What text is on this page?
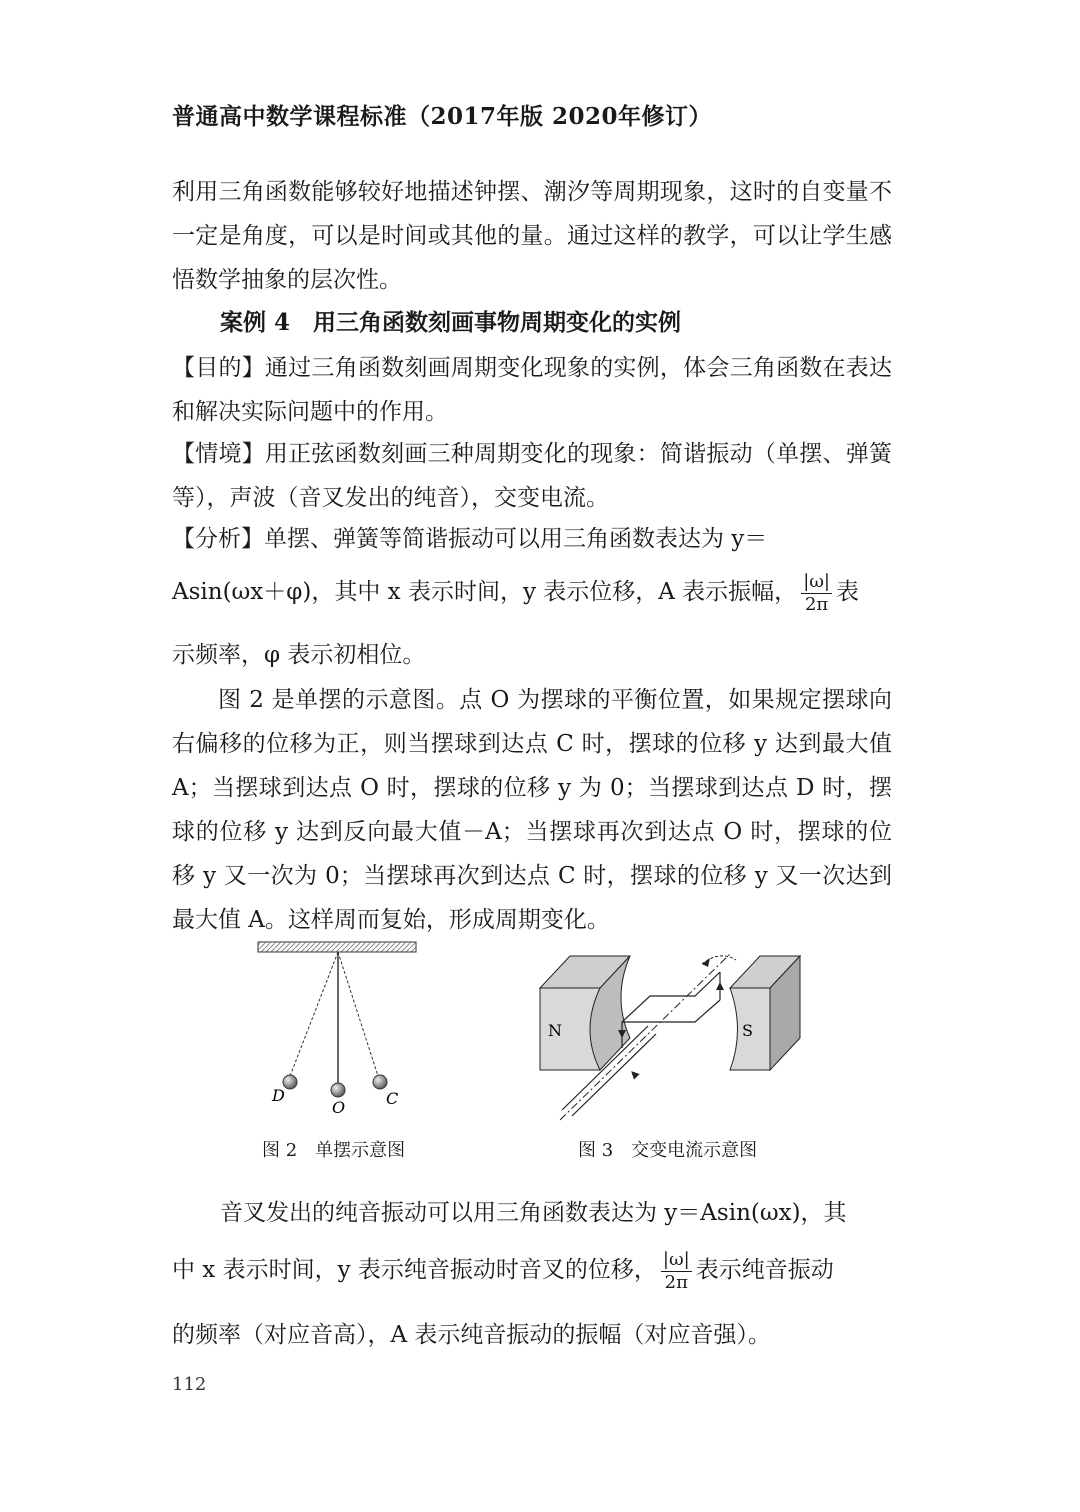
普通高中数学课程标准（2017年版 2020年修订）
利用三角函数能够较好地描述钟摆、潮汐等周期现象，这时的自变量不一定是角度，可以是时间或其他的量。通过这样的教学，可以让学生感悟数学抽象的层次性。
案例 4　用三角函数刻画事物周期变化的实例
【目的】通过三角函数刻画周期变化现象的实例，体会三角函数在表达和解决实际问题中的作用。
【情境】用正弦函数刻画三种周期变化的现象：简谐振动（单摆、弹簧等），声波（音叉发出的纯音），交变电流。
【分析】单摆、弹簧等简谐振动可以用三角函数表达为 y＝
Asin(ωx＋φ)，其中 x 表示时间，y 表示位移，A 表示振幅， $\frac{|\omega|}{2\pi}$ 表
示频率，φ 表示初相位。
图 2 是单摆的示意图。点 O 为摆球的平衡位置，如果规定摆球向右偏移的位移为正，则当摆球到达点 C 时，摆球的位移 y 达到最大值 A；当摆球到达点 O 时，摆球的位移 y 为 0；当摆球到达点 D 时，摆球的位移 y 达到反向最大值－A；当摆球再次到达点 O 时，摆球的位移 y 又一次为 0；当摆球再次到达点 C 时，摆球的位移 y 又一次达到最大值 A。这样周而复始，形成周期变化。
D
O	C
图 2　单摆示意图
N	S
图 3　交变电流示意图
音叉发出的纯音振动可以用三角函数表达为 y＝Asin(ωx)，其
中 x 表示时间，y 表示纯音振动时音叉的位移， $\frac{|\omega|}{2\pi}$ 表示纯音振动
的频率（对应音高），A 表示纯音振动的振幅（对应音强）。
112
